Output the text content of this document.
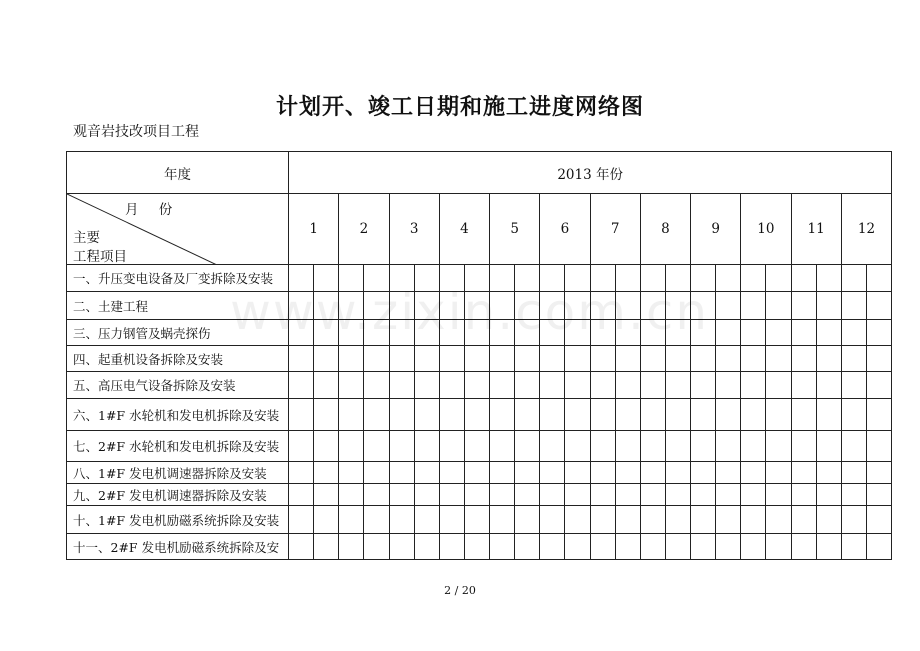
计划开、竣工日期和施工进度网络图
观音岩技改项目工程
年度	2013 年份																							

月 份
主要
工程项目	1		2		3		4		5		6		7		8		9		10		11		12	
一、升压变电设备及厂变拆除及安装																								
二、土建工程																								
三、压力钢管及蜗壳探伤																								
四、起重机设备拆除及安装																								
五、高压电气设备拆除及安装																								
六、1#F 水轮机和发电机拆除及安装																								
七、2#F 水轮机和发电机拆除及安装																								
八、1#F 发电机调速器拆除及安装																								
九、2#F 发电机调速器拆除及安装																								
十、1#F 发电机励磁系统拆除及安装																								
十一、2#F 发电机励磁系统拆除及安																								
www.zixin.com.cn
2 / 20
